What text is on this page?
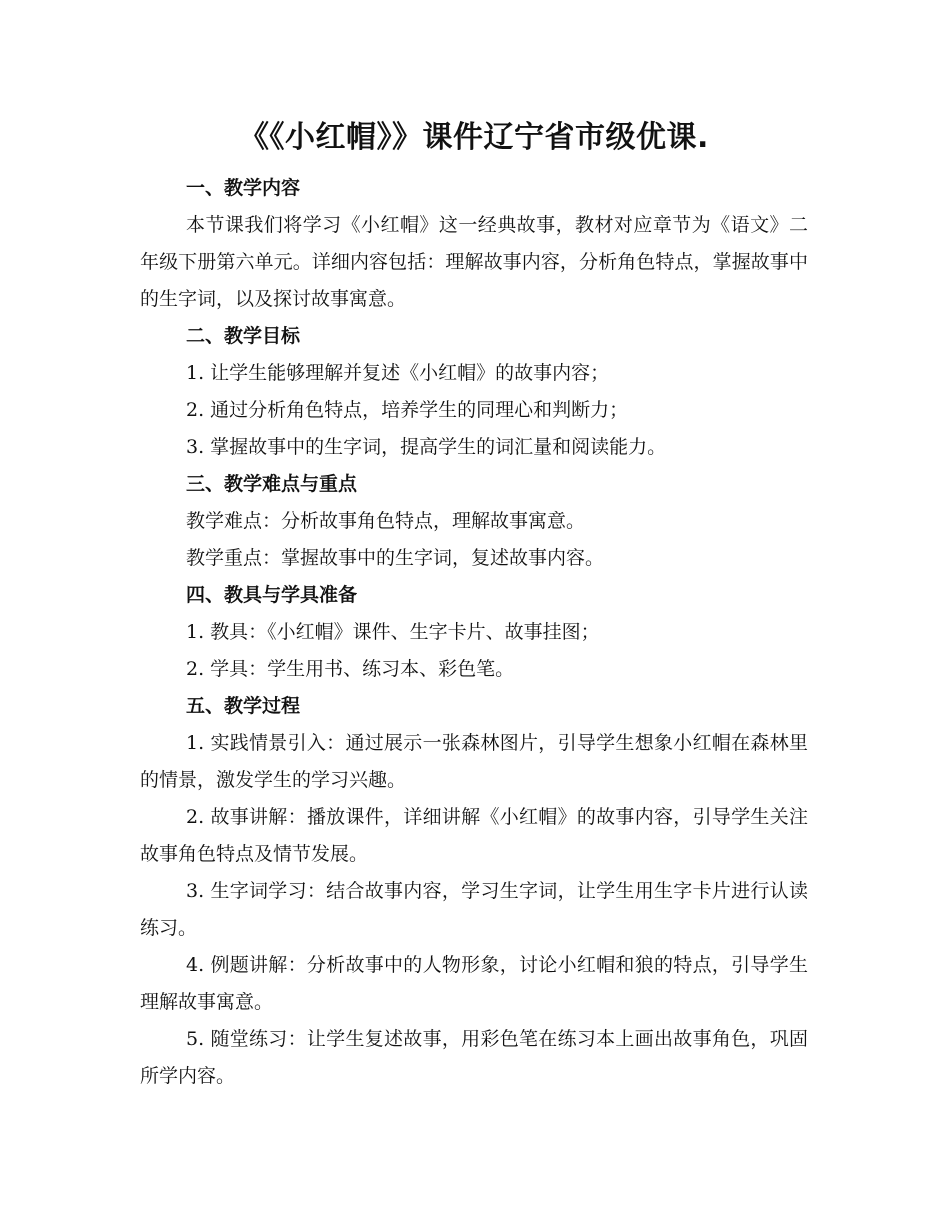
《《小红帽》》课件辽宁省市级优课.

一、教学内容

本节课我们将学习《小红帽》这一经典故事，教材对应章节为《语文》二年级下册第六单元。详细内容包括：理解故事内容，分析角色特点，掌握故事中的生字词，以及探讨故事寓意。

二、教学目标

1. 让学生能够理解并复述《小红帽》的故事内容；

2. 通过分析角色特点，培养学生的同理心和判断力；

3. 掌握故事中的生字词，提高学生的词汇量和阅读能力。

三、教学难点与重点

教学难点：分析故事角色特点，理解故事寓意。

教学重点：掌握故事中的生字词，复述故事内容。

四、教具与学具准备

1. 教具：《小红帽》课件、生字卡片、故事挂图；

2. 学具：学生用书、练习本、彩色笔。

五、教学过程

1. 实践情景引入：通过展示一张森林图片，引导学生想象小红帽在森林里的情景，激发学生的学习兴趣。

2. 故事讲解：播放课件，详细讲解《小红帽》的故事内容，引导学生关注故事角色特点及情节发展。

3. 生字词学习：结合故事内容，学习生字词，让学生用生字卡片进行认读练习。

4. 例题讲解：分析故事中的人物形象，讨论小红帽和狼的特点，引导学生理解故事寓意。

5. 随堂练习：让学生复述故事，用彩色笔在练习本上画出故事角色，巩固所学内容。
